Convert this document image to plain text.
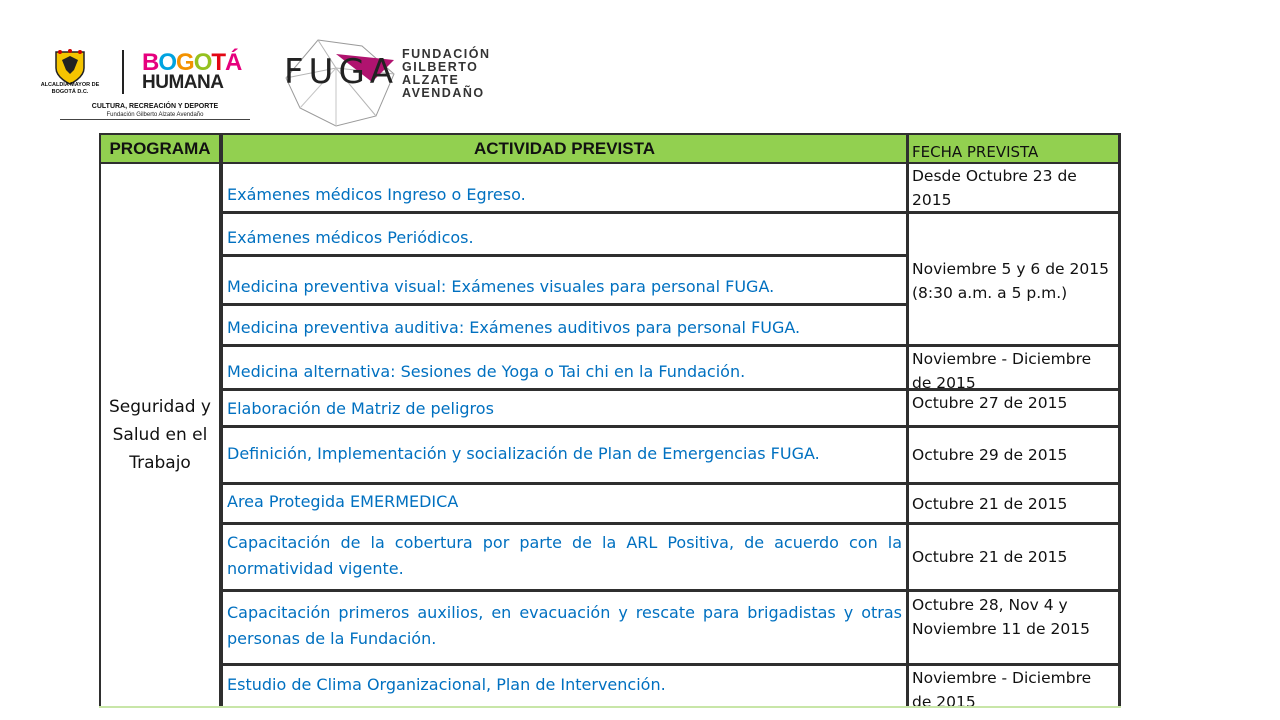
ALCALDÍA MAYOR DE BOGOTÁ D.C.
BOGOTÁ
HUMANA
CULTURA, RECREACIÓN Y DEPORTE
Fundación Gilberto Alzate Avendaño
FUGA FUNDACIÓN
GILBERTO
ALZATE
AVENDAÑO
PROGRAMA	ACTIVIDAD PREVISTA	FECHA PREVISTA
Seguridad y Salud en el Trabajo
Exámenes médicos Ingreso o Egreso.
Exámenes médicos Periódicos.
Medicina preventiva visual: Exámenes visuales para personal FUGA.
Medicina preventiva auditiva: Exámenes auditivos para personal FUGA.
Medicina alternativa: Sesiones de Yoga o Tai chi en la Fundación.
Elaboración de Matriz de peligros
Definición, Implementación y socialización de Plan de Emergencias FUGA.
Area Protegida EMERMEDICA
Capacitación de la cobertura por parte de la ARL Positiva, de acuerdo con la normatividad vigente.
Capacitación primeros auxilios, en evacuación y rescate para brigadistas y otras personas de la Fundación.
Estudio de Clima Organizacional, Plan de Intervención.
Desde Octubre 23 de 2015
Noviembre 5 y 6 de 2015 (8:30 a.m. a 5 p.m.)
Noviembre - Diciembre de 2015
Octubre 27 de 2015
Octubre 29 de 2015
Octubre 21 de 2015
Octubre 21 de 2015
Octubre 28, Nov 4 y Noviembre 11 de 2015
Noviembre - Diciembre de 2015
